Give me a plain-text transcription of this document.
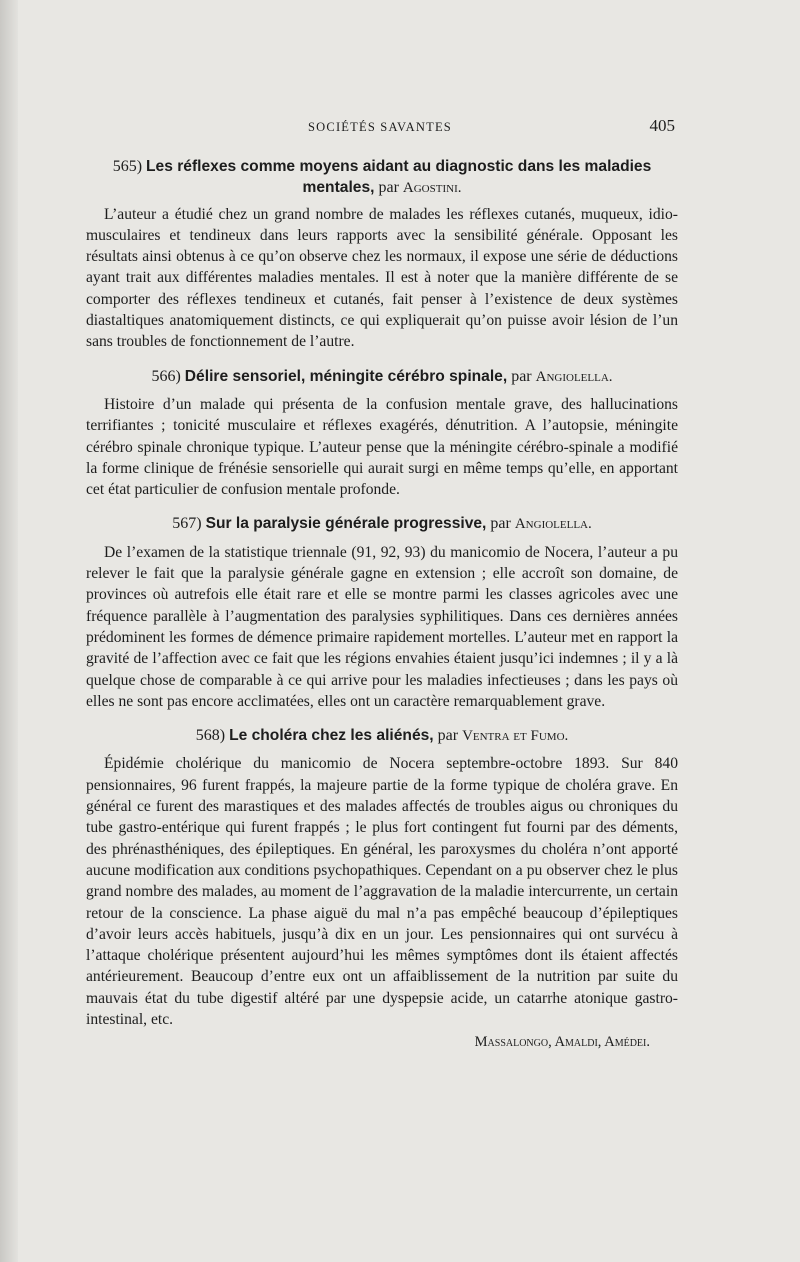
SOCIÉTÉS SAVANTES	405
565) Les réflexes comme moyens aidant au diagnostic dans les maladies mentales, par Agostini.

L’auteur a étudié chez un grand nombre de malades les réflexes cutanés, muqueux, idio-musculaires et tendineux dans leurs rapports avec la sensibilité générale. Opposant les résultats ainsi obtenus à ce qu’on observe chez les normaux, il expose une série de déductions ayant trait aux différentes maladies mentales. Il est à noter que la manière différente de se comporter des réflexes tendineux et cutanés, fait penser à l’existence de deux systèmes diastaltiques anatomiquement distincts, ce qui expliquerait qu’on puisse avoir lésion de l’un sans troubles de fonctionnement de l’autre.

566) Délire sensoriel, méningite cérébro spinale, par Angiolella.

Histoire d’un malade qui présenta de la confusion mentale grave, des hallucinations terrifiantes ; tonicité musculaire et réflexes exagérés, dénutrition. A l’autopsie, méningite cérébro spinale chronique typique. L’auteur pense que la méningite cérébro-spinale a modifié la forme clinique de frénésie sensorielle qui aurait surgi en même temps qu’elle, en apportant cet état particulier de confusion mentale profonde.

567) Sur la paralysie générale progressive, par Angiolella.

De l’examen de la statistique triennale (91, 92, 93) du manicomio de Nocera, l’auteur a pu relever le fait que la paralysie générale gagne en extension ; elle accroît son domaine, de provinces où autrefois elle était rare et elle se montre parmi les classes agricoles avec une fréquence parallèle à l’augmentation des paralysies syphilitiques. Dans ces dernières années prédominent les formes de démence primaire rapidement mortelles. L’auteur met en rapport la gravité de l’affection avec ce fait que les régions envahies étaient jusqu’ici indemnes ; il y a là quelque chose de comparable à ce qui arrive pour les maladies infectieuses ; dans les pays où elles ne sont pas encore acclimatées, elles ont un caractère remarquablement grave.

568) Le choléra chez les aliénés, par Ventra et Fumo.

Épidémie cholérique du manicomio de Nocera septembre-octobre 1893. Sur 840 pensionnaires, 96 furent frappés, la majeure partie de la forme typique de choléra grave. En général ce furent des marastiques et des malades affectés de troubles aigus ou chroniques du tube gastro-entérique qui furent frappés ; le plus fort contingent fut fourni par des déments, des phrénasthéniques, des épileptiques. En général, les paroxysmes du choléra n’ont apporté aucune modification aux conditions psychopathiques. Cependant on a pu observer chez le plus grand nombre des malades, au moment de l’aggravation de la maladie intercurrente, un certain retour de la conscience. La phase aiguë du mal n’a pas empêché beaucoup d’épileptiques d’avoir leurs accès habituels, jusqu’à dix en un jour. Les pensionnaires qui ont survécu à l’attaque cholérique présentent aujourd’hui les mêmes symptômes dont ils étaient affectés antérieurement. Beaucoup d’entre eux ont un affaiblissement de la nutrition par suite du mauvais état du tube digestif altéré par une dyspepsie acide, un catarrhe atonique gastro-intestinal, etc.

Massalongo, Amaldi, Amédei.
